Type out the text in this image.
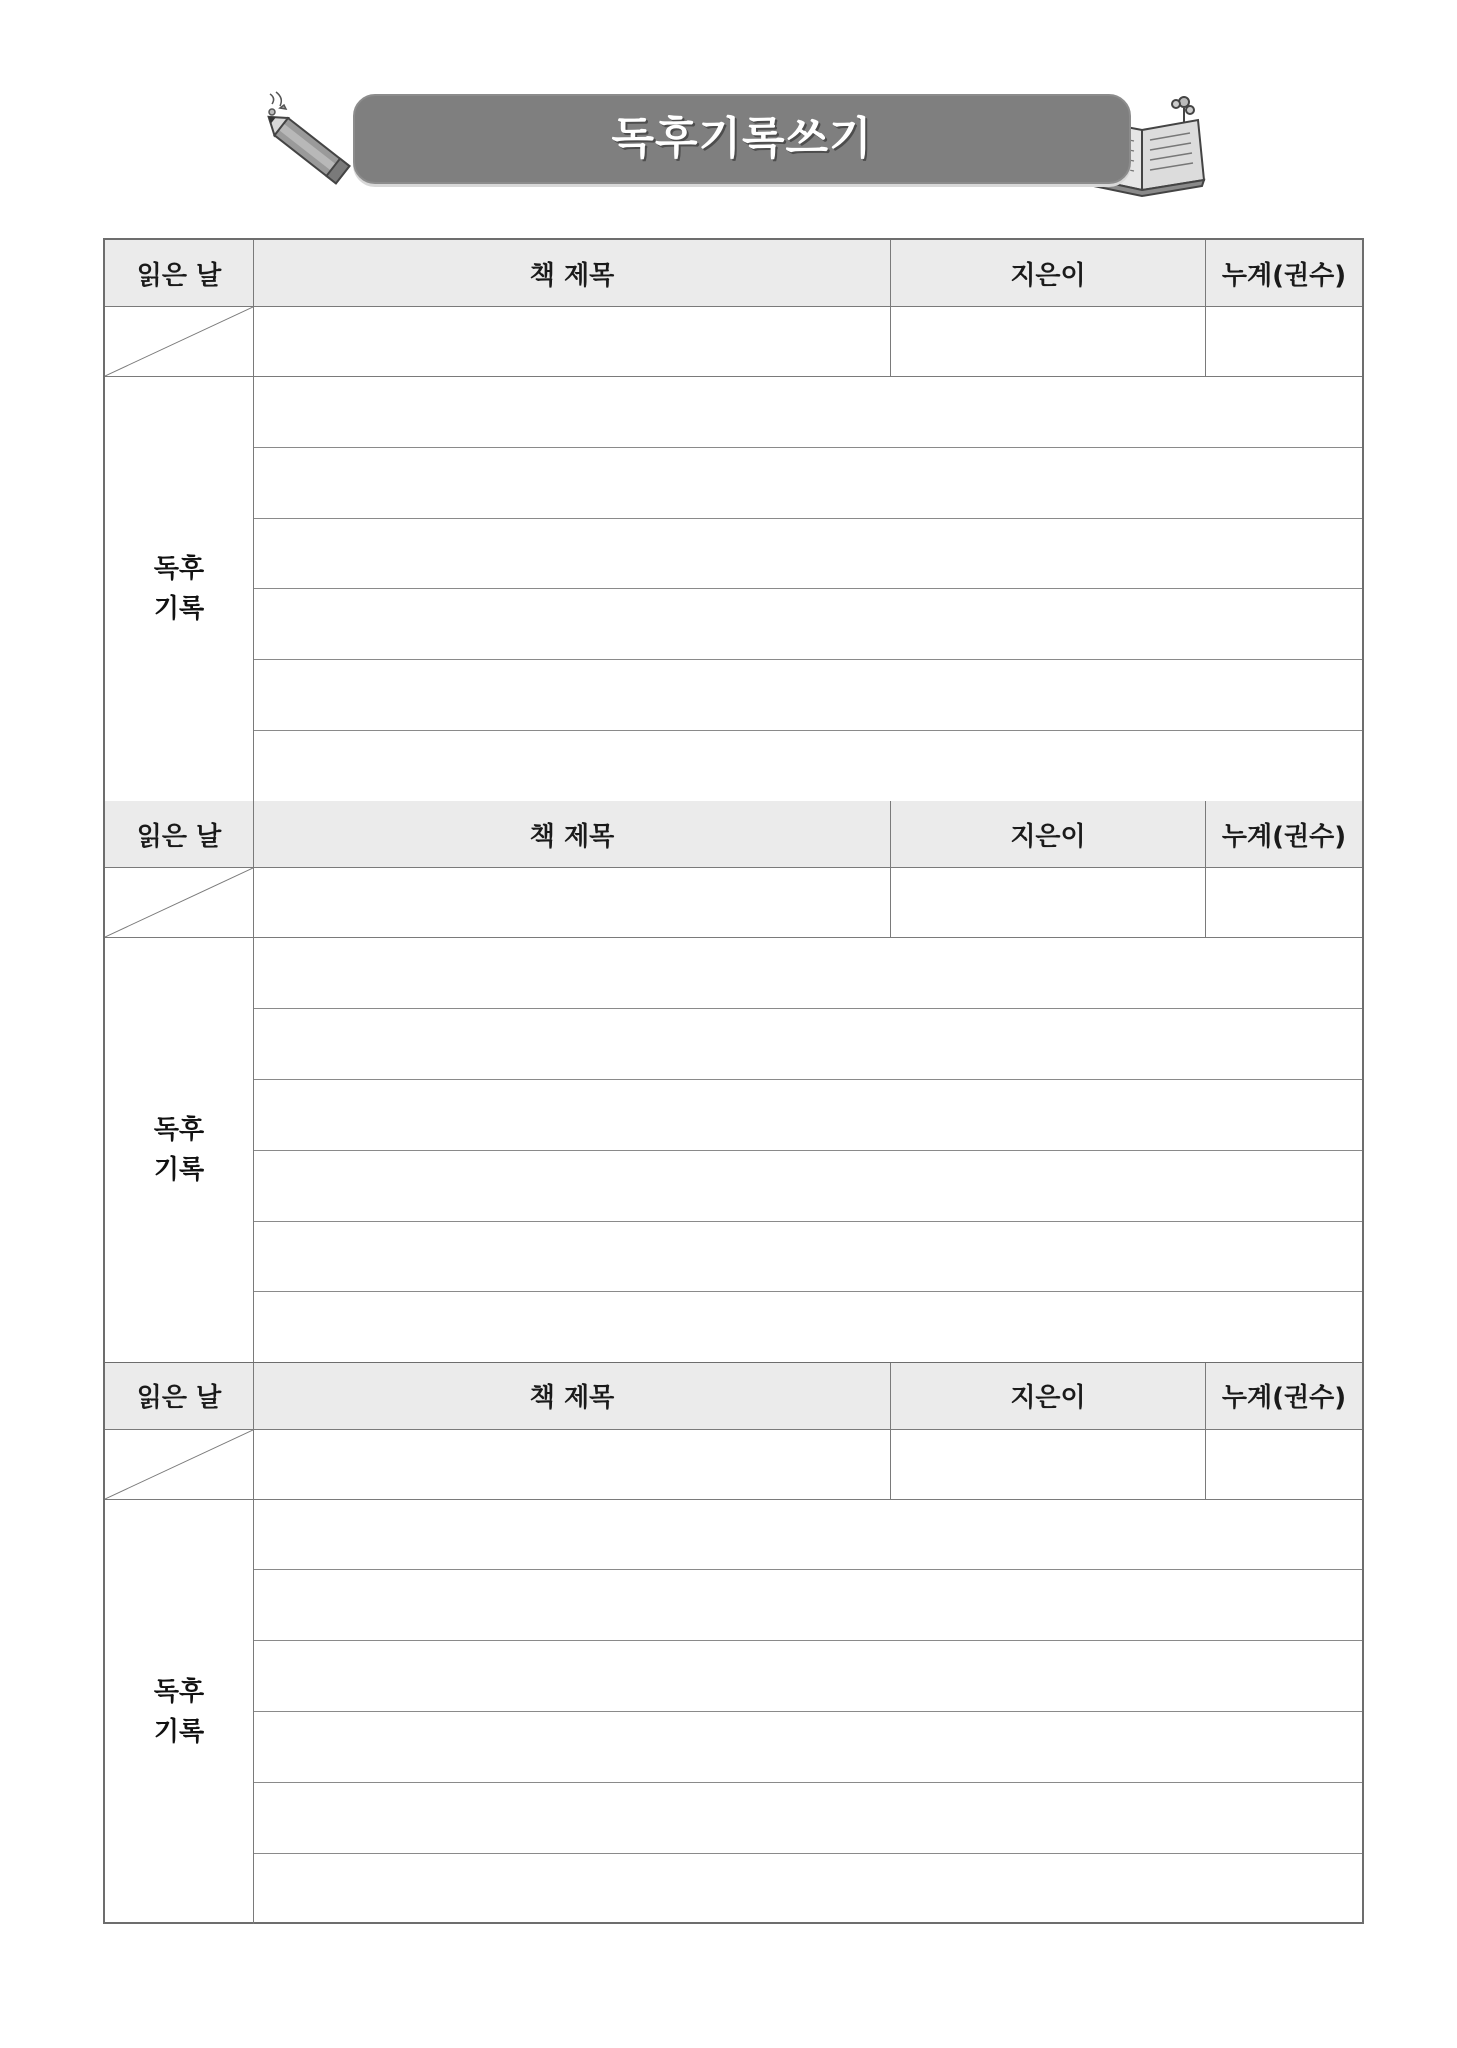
독후기록쓰기
읽은 날	책 제목	지은이	누계(권수)
독후
기록
읽은 날	책 제목	지은이	누계(권수)
독후
기록
읽은 날	책 제목	지은이	누계(권수)
독후
기록
